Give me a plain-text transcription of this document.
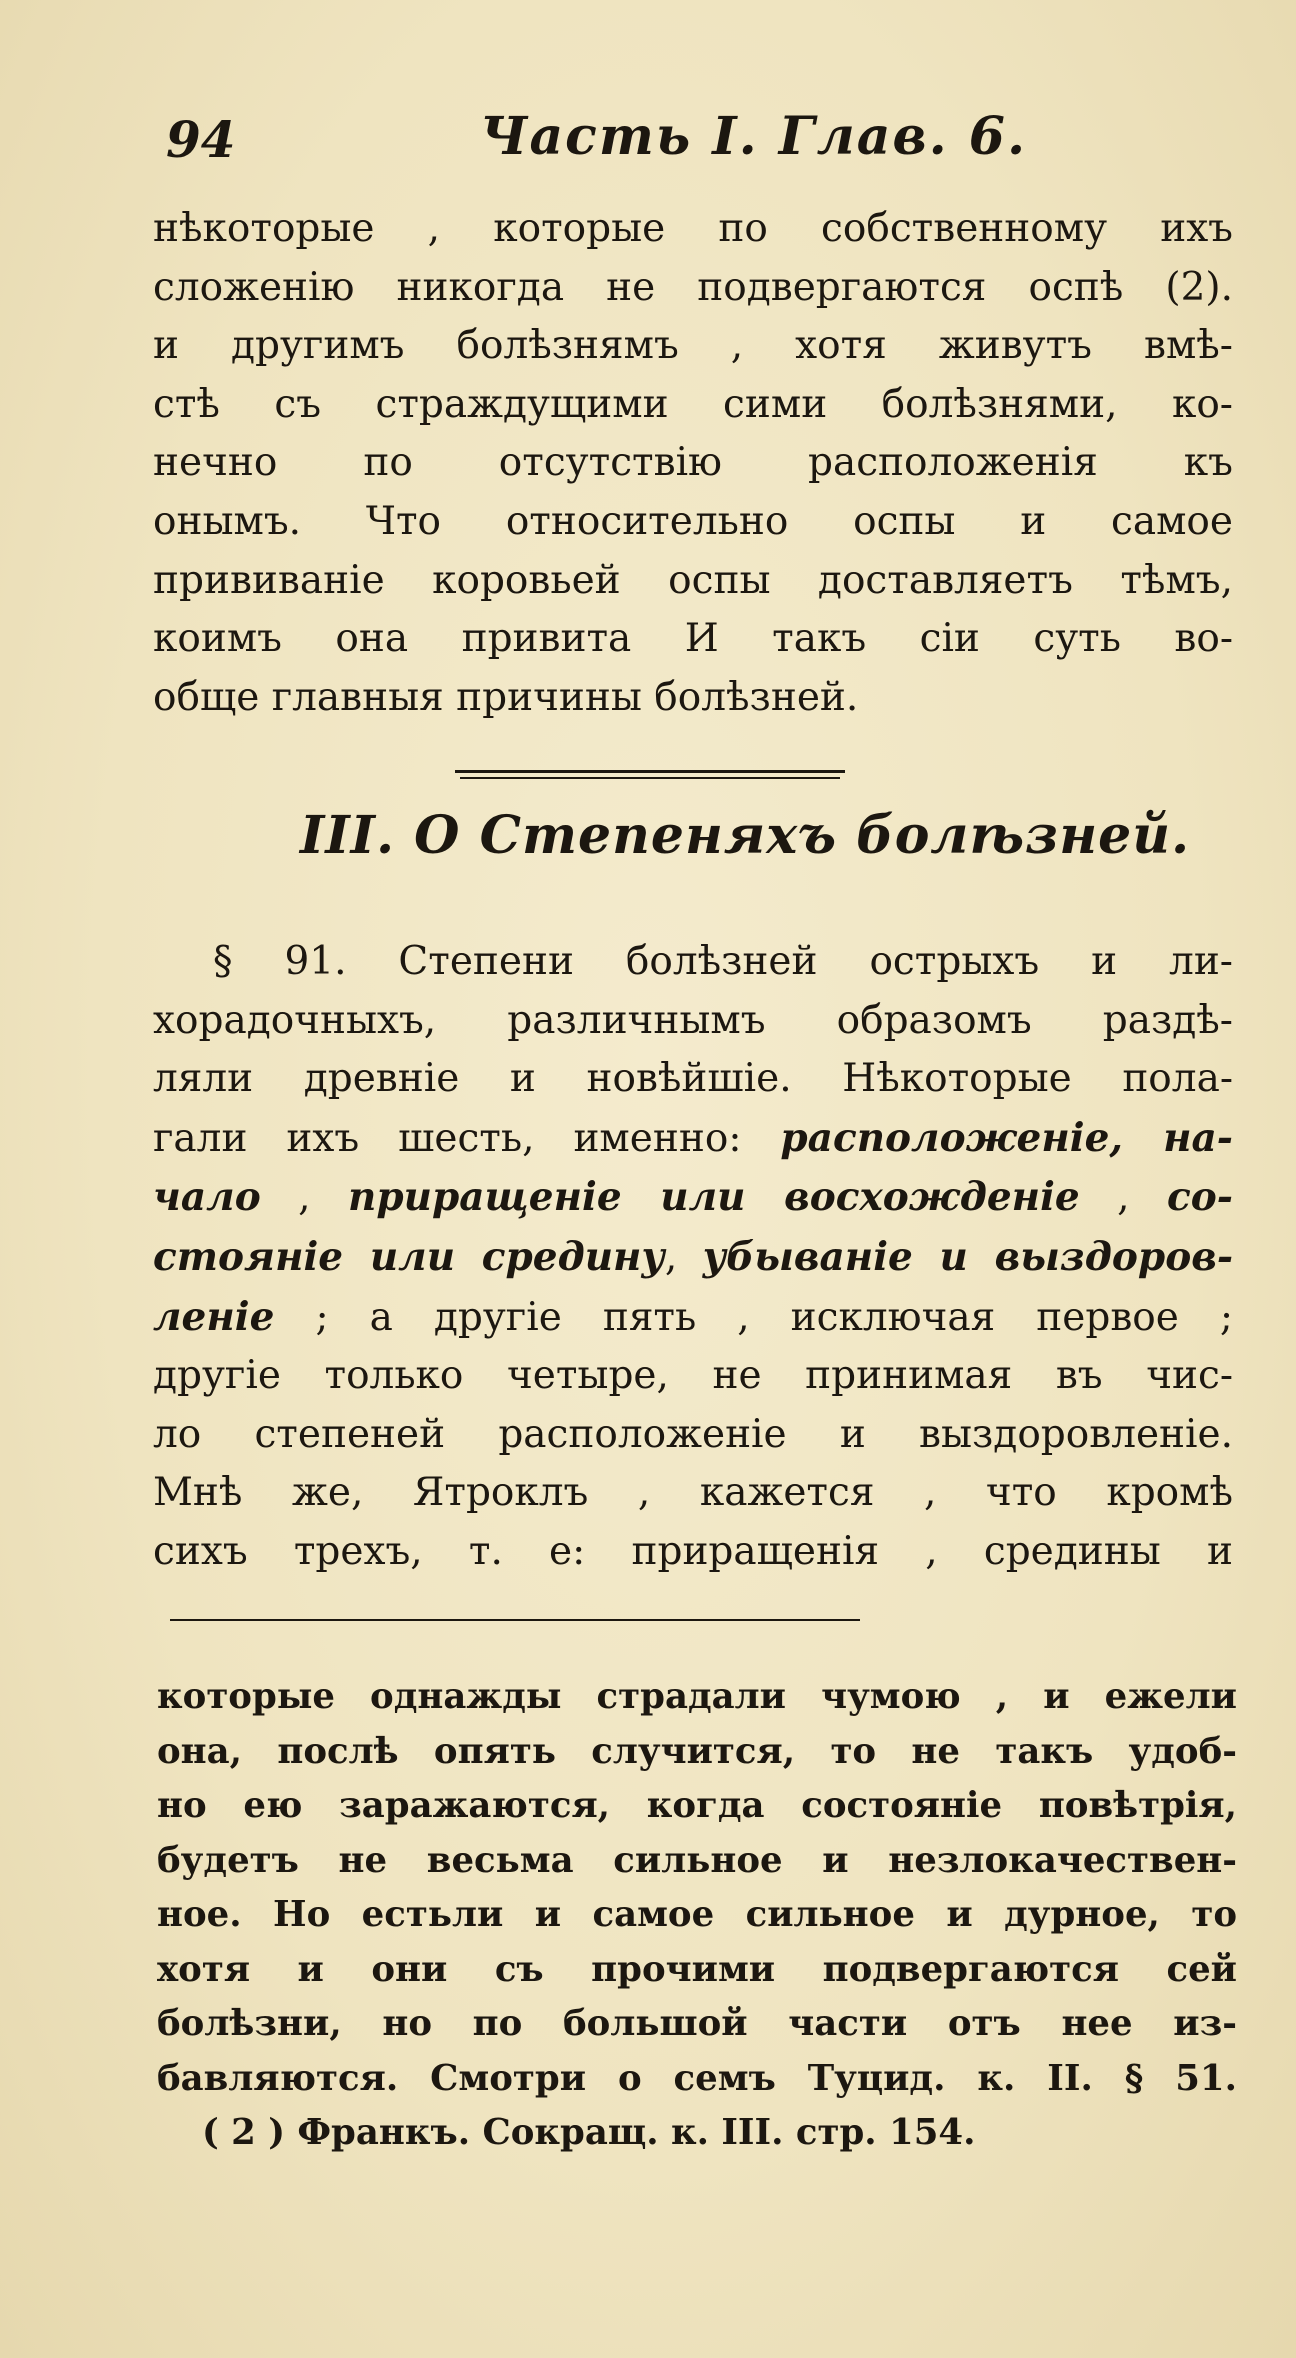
94	Часть I. Глав. 6.

нѣкоторые , которые по собственному ихъ

сложенію никогда не подвергаются оспѣ (2).

и другимъ болѣзнямъ , хотя живутъ вмѣ-

стѣ съ страждущими сими болѣзнями, ко-

нечно по отсутствію расположенія къ

онымъ. Что относительно оспы и самое

прививаніе коровьей оспы доставляетъ тѣмъ,

коимъ она привита И такъ сіи суть во-

обще главныя причины болѣзней.

III. О Степеняхъ болѣзней.

§ 91. Степени болѣзней острыхъ и ли-

хорадочныхъ, различнымъ образомъ раздѣ-

ляли древніе и новѣйшіе. Нѣкоторые пола-

гали ихъ шесть, именно: расположеніе, на-

чало , приращеніе или восхожденіе , со-

стояніе или средину, убываніе и выздоров-

леніе ; а другіе пять , исключая первое ;

другіе только четыре, не принимая въ чис-

ло степеней расположеніе и выздоровленіе.

Мнѣ же, Ятроклъ , кажется , что кромѣ

сихъ трехъ, т. е: приращенія , средины и

которые однажды страдали чумою , и ежели
она, послѣ опять случится, то не такъ удоб-
но ею заражаются, когда состояніе повѣтрія,
будетъ не весьма сильное и незлокачествен-
ное. Но естьли и самое сильное и дурное, то
хотя и они съ прочими подвергаются сей
болѣзни, но по большой части отъ нее из-
бавляются. Смотри о семъ Туцид. к. II. § 51.
( 2 ) Франкъ. Сокращ. к. III. стр. 154.
